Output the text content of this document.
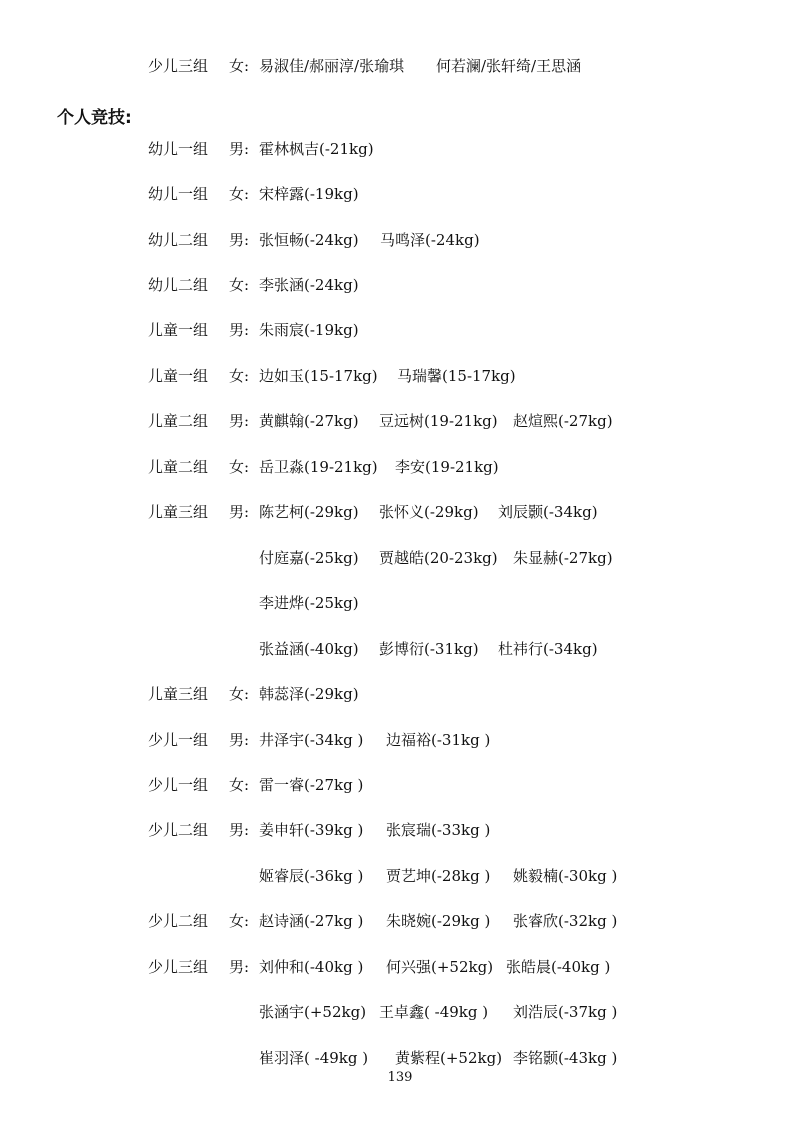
少儿三组 女: 易淑佳/郝丽淳/张瑜琪 何若澜/张轩绮/王思涵
个人竞技:
幼儿一组 男: 霍林枫吉(-21kg)
幼儿一组 女: 宋梓露(-19kg)
幼儿二组 男: 张恒畅(-24kg) 马鸣泽(-24kg)
幼儿二组 女: 李张涵(-24kg)
儿童一组 男: 朱雨宸(-19kg)
儿童一组 女: 边如玉(15-17kg) 马瑞馨(15-17kg)
儿童二组 男: 黄麒翰(-27kg) 豆远树(19-21kg) 赵煊熙(-27kg)
儿童二组 女: 岳卫淼(19-21kg) 李安(19-21kg)
儿童三组 男: 陈艺柯(-29kg) 张怀义(-29kg) 刘辰颢(-34kg)
付庭嘉(-25kg) 贾越皓(20-23kg) 朱显赫(-27kg)
李进烨(-25kg)
张益涵(-40kg) 彭博衍(-31kg) 杜祎行(-34kg)
儿童三组 女: 韩蕊泽(-29kg)
少儿一组 男: 井泽宇(-34kg ) 边福裕(-31kg )
少儿一组 女: 雷一睿(-27kg )
少儿二组 男: 姜申轩(-39kg ) 张宸瑞(-33kg )
姬睿辰(-36kg ) 贾艺坤(-28kg ) 姚毅楠(-30kg )
少儿二组 女: 赵诗涵(-27kg ) 朱晓婉(-29kg ) 张睿欣(-32kg )
少儿三组 男: 刘仲和(-40kg ) 何兴强(+52kg) 张皓晨(-40kg )
张涵宇(+52kg) 王卓鑫( -49kg ) 刘浩辰(-37kg )
崔羽泽( -49kg ) 黄紫程(+52kg) 李铭颢(-43kg )
139
